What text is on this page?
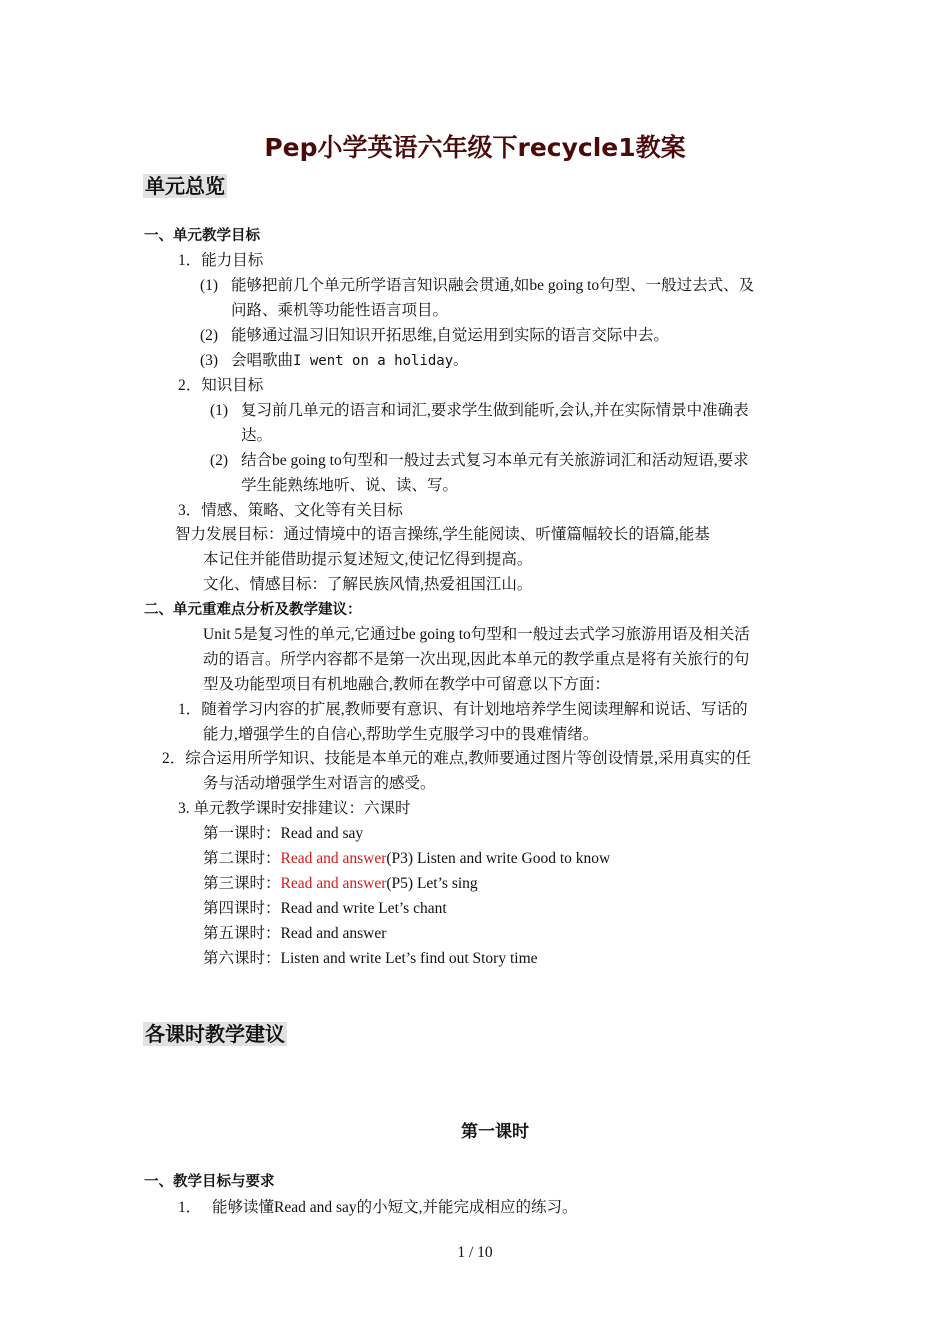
Pep小学英语六年级下recycle1教案
单元总览
一、单元教学目标
1．能力目标
(1) 能够把前几个单元所学语言知识融会贯通,如be going to句型、一般过去式、及
问路、乘机等功能性语言项目。
(2) 能够通过温习旧知识开拓思维,自觉运用到实际的语言交际中去。
(3) 会唱歌曲I went on a holiday。
2．知识目标
(1) 复习前几单元的语言和词汇,要求学生做到能听,会认,并在实际情景中准确表
达。
(2) 结合be going to句型和一般过去式复习本单元有关旅游词汇和活动短语,要求
学生能熟练地听、说、读、写。
3．情感、策略、文化等有关目标
智力发展目标：通过情境中的语言操练,学生能阅读、听懂篇幅较长的语篇,能基
本记住并能借助提示复述短文,使记忆得到提高。
文化、情感目标：了解民族风情,热爱祖国江山。
二、单元重难点分析及教学建议：
Unit 5是复习性的单元,它通过be going to句型和一般过去式学习旅游用语及相关活
动的语言。所学内容都不是第一次出现,因此本单元的教学重点是将有关旅行的句
型及功能型项目有机地融合,教师在教学中可留意以下方面：
1．随着学习内容的扩展,教师要有意识、有计划地培养学生阅读理解和说话、写话的
能力,增强学生的自信心,帮助学生克服学习中的畏难情绪。
2．综合运用所学知识、技能是本单元的难点,教师要通过图片等创设情景,采用真实的任
务与活动增强学生对语言的感受。
3. 单元教学课时安排建议：六课时
第一课时：Read and say
第二课时：Read and answer(P3) Listen and write Good to know
第三课时：Read and answer(P5) Let’s sing
第四课时：Read and write Let’s chant
第五课时：Read and answer
第六课时：Listen and write Let’s find out Story time
各课时教学建议
第一课时
一、教学目标与要求
1． 能够读懂Read and say的小短文,并能完成相应的练习。
1 / 10
